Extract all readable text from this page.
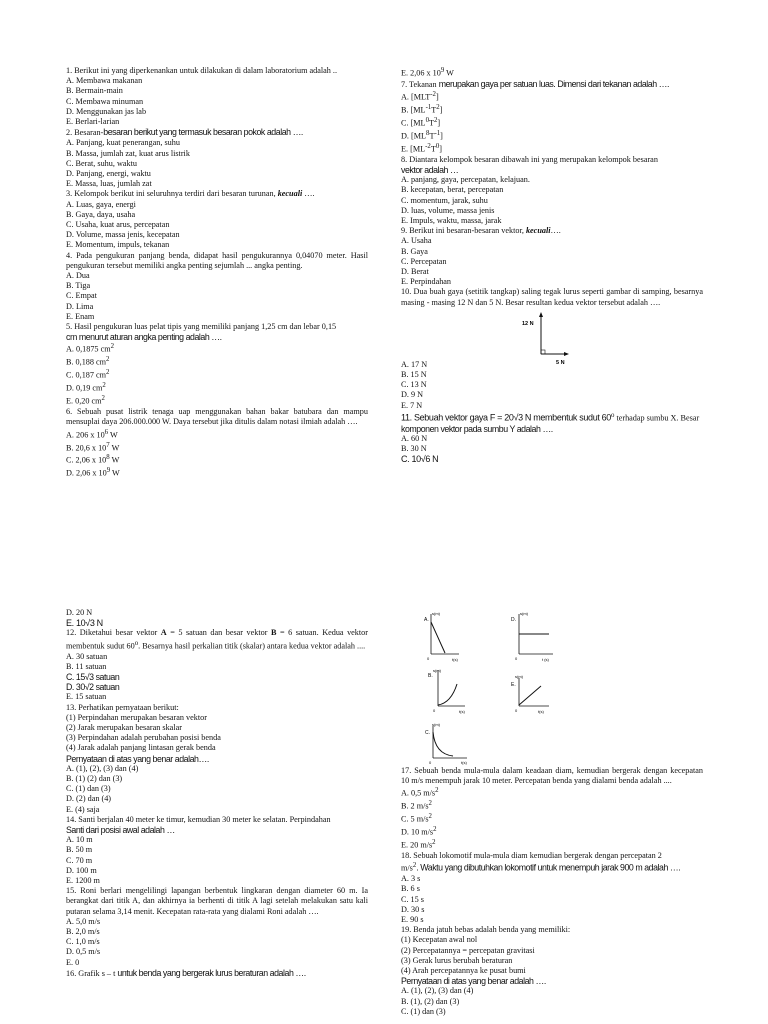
1. Berikut ini yang diperkenankan untuk dilakukan di dalam laboratorium adalah ..
A. Membawa makanan
B. Bermain-main
C. Membawa minuman
D. Menggunakan jas lab
E. Berlari-larian
2. Besaran-besaran berikut yang termasuk besaran pokok adalah ….
A. Panjang, kuat penerangan, suhu
B. Massa, jumlah zat, kuat arus listrik
C. Berat, suhu, waktu
D. Panjang, energi, waktu
E. Massa, luas, jumlah zat
3. Kelompok berikut ini seluruhnya terdiri dari besaran turunan, kecuali ….
A. Luas, gaya, energi
B. Gaya, daya, usaha
C. Usaha, kuat arus, percepatan
D. Volume, massa jenis, kecepatan
E. Momentum, impuls, tekanan
4. Pada pengukuran panjang benda, didapat hasil pengukurannya 0,04070 meter. Hasil pengukuran tersebut memiliki angka penting sejumlah ... angka penting.
A. Dua
B. Tiga
C. Empat
D. Lima
E. Enam
5. Hasil pengukuran luas pelat tipis yang memiliki panjang 1,25 cm dan lebar 0,15
cm menurut aturan angka penting adalah ….
A. 0,1875 $cm^2$
B. 0,188 $cm^2$
C. 0,187 $cm^2$
D. 0,19 $cm^2$
E. 0,20 $cm^2$
6. Sebuah pusat listrik tenaga uap menggunakan bahan bakar batubara dan mampu mensuplai daya 206.000.000 W. Daya tersebut jika ditulis dalam notasi ilmiah adalah ….
A. 206 x $10^6$ W
B. 20,6 x $10^7$ W
C. 2,06 x $10^8$ W
D. 2,06 x $10^9$ W
E. 2,06 x $10^9$ W
7. Tekanan merupakan gaya per satuan luas. Dimensi dari tekanan adalah ….
A. $[MLT^{-2}]$
B. $[ML^{-1}T^2]$
C. $[ML^0T^2]$
D. $[ML^8T^{-1}]$
E. $[ML^{-2}T^0]$
8. Diantara kelompok besaran dibawah ini yang merupakan kelompok besaran
vektor adalah …
A. panjang, gaya, percepatan, kelajuan.
B. kecepatan, berat, percepatan
C. momentum, jarak, suhu
D. luas, volume, massa jenis
E. Impuls, waktu, massa, jarak
9. Berikut ini besaran-besaran vektor, kecuali….
A. Usaha
B. Gaya
C. Percepatan
D. Berat
E. Perpindahan
10. Dua buah gaya (setitik tangkap) saling tegak lurus seperti gambar di samping, besarnya masing - masing 12 N dan 5 N. Besar resultan kedua vektor tersebut adalah ….
12 N
5 N
A. 17 N
B. 15 N
C. 13 N
D. 9 N
E. 7 N
11. Sebuah vektor gaya F = 20√3 N membentuk sudut 60$^o$ terhadap sumbu X. Besar
komponen vektor pada sumbu Y adalah ….
A. 60 N
B. 30 N
C. 10√6 N
D. 20 N
E. 10√3 N
12. Diketahui besar vektor A = 5 satuan dan besar vektor B = 6 satuan. Kedua vektor membentuk sudut 60$^o$. Besarnya hasil perkalian titik (skalar) antara kedua vektor adalah ....
A. 30 satuan
B. 11 satuan
C. 15√3 satuan
D. 30√2 satuan
E. 15 satuan
13. Perhatikan pernyataan berikut:
(1) Perpindahan merupakan besaran vektor
(2) Jarak merupakan besaran skalar
(3) Perpindahan adalah perubahan posisi benda
(4) Jarak adalah panjang lintasan gerak benda
Pernyataan di atas yang benar adalah….
A. (1), (2), (3) dan (4)
B. (1) (2) dan (3)
C. (1) dan (3)
D. (2) dan (4)
E. (4) saja
14. Santi berjalan 40 meter ke timur, kemudian 30 meter ke selatan. Perpindahan
Santi dari posisi awal adalah …
A. 10 m
B. 50 m
C. 70 m
D. 100 m
E. 1200 m
15. Roni berlari mengelilingi lapangan berbentuk lingkaran dengan diameter 60 m. Ia berangkat dari titik A, dan akhirnya ia berhenti di titik A lagi setelah melakukan satu kali putaran selama 3,14 menit. Kecepatan rata-rata yang dialami Roni adalah ….
A. 5,0 m/s
B. 2,0 m/s
C. 1,0 m/s
D. 0,5 m/s
E. 0
16. Grafik s – t untuk benda yang bergerak lurus beraturan adalah ….
A.
s(m)
t(s)
0
D.
s(m)
t (s)
0
B.
s(m)
t(s)
0
E.
s(m)
t(s)
0
C.
s(m)
t(s)
0
17. Sebuah benda mula-mula dalam keadaan diam, kemudian bergerak dengan kecepatan 10 m/s menempuh jarak 10 meter. Percepatan benda yang dialami benda adalah ....
A. 0,5 $m/s^2$
B. 2 $m/s^2$
C. 5 $m/s^2$
D. 10 $m/s^2$
E. 20 $m/s^2$
18. Sebuah lokomotif mula-mula diam kemudian bergerak dengan percepatan 2
$m/s^2$. Waktu yang dibutuhkan lokomotif untuk menempuh jarak 900 m adalah ….
A. 3 s
B. 6 s
C. 15 s
D. 30 s
E. 90 s
19. Benda jatuh bebas adalah benda yang memiliki:
(1) Kecepatan awal nol
(2) Percepatannya = percepatan gravitasi
(3) Gerak lurus berubah beraturan
(4) Arah percepatannya ke pusat bumi
Pernyataan di atas yang benar adalah ….
A. (1), (2), (3) dan (4)
B. (1), (2) dan (3)
C. (1) dan (3)
